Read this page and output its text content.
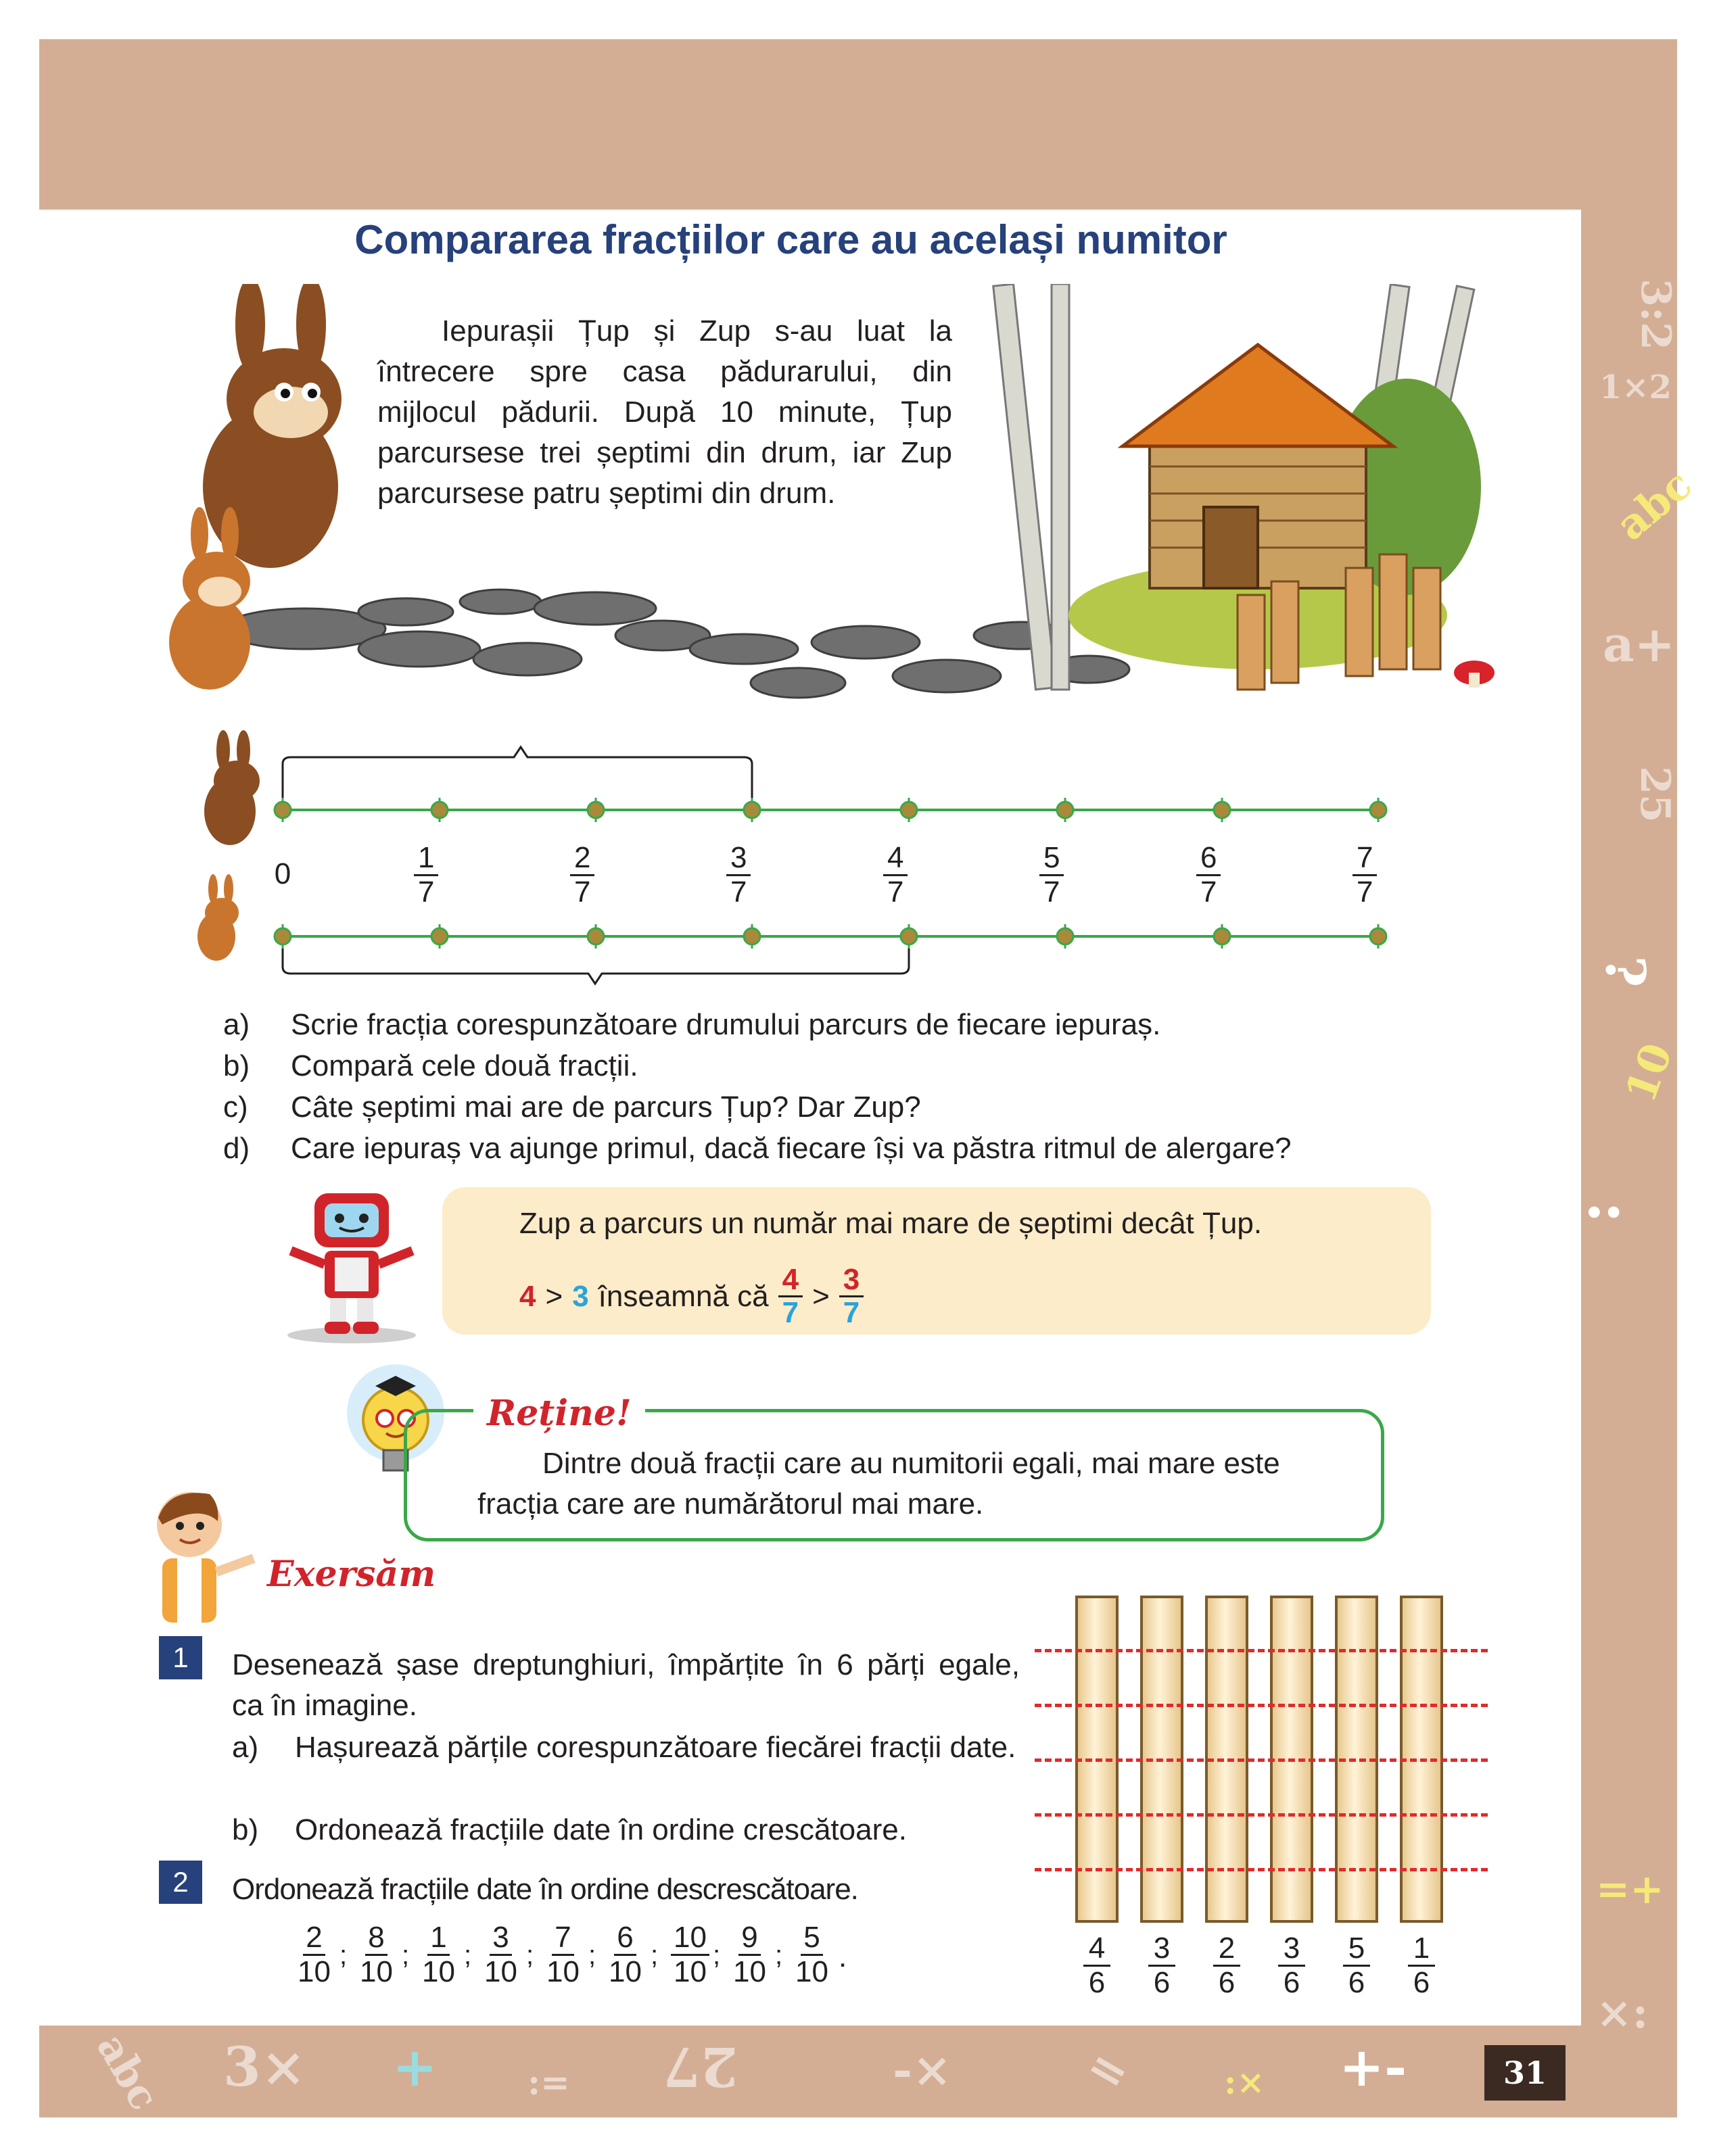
3:2
1×2
abc
a+
25
?
10
:
=+
×:
abc 3× +	:= 27	-×	= :× +-	31
Compararea fracțiilor care au același numitor
Iepurașii Țup și Zup s-au luat la întrecere spre casa pădurarului, din mijlocul pădurii. După 10 minute, Țup parcursese trei șeptimi din drum, iar Zup parcursese patru șeptimi din drum.
0	$\frac{1}{7}$	$\frac{2}{7}$	$\frac{3}{7}$	$\frac{4}{7}$	$\frac{5}{7}$	$\frac{6}{7}$	$\frac{7}{7}$
a)	Scrie fracția corespunzătoare drumului parcurs de fiecare iepuraș.
b)	Compară cele două fracții.
c)	Câte șeptimi mai are de parcurs Țup? Dar Zup?
d)	Care iepuraș va ajunge primul, dacă fiecare își va păstra ritmul de alergare?
Zup a parcurs un număr mai mare de șeptimi decât Țup.
4 > 3 înseamnă că 4
7 > 3
7
Reține!
Dintre două fracții care au numitorii egali, mai mare este fracția care are numărătorul mai mare.
Exersăm
1	Desenează șase dreptunghiuri, împărțite în 6 părți egale, ca în imagine.
a) Hașurează părțile corespunzătoare fiecărei fracții date.
b) Ordonează fracțiile date în ordine crescătoare.
2	Ordonează fracțiile date în ordine descrescătoare.
$\frac{2}{10} \frac{8}{10} \frac{1}{10} \frac{3}{10} \frac{7}{10} \frac{6}{10} \frac{10}{10} \frac{9}{10} \frac{5}{10}$
; ; ; ; ; ; ; ; .	$\frac{4}{6} \frac{3}{6} \frac{2}{6} \frac{3}{6} \frac{5}{6} \frac{1}{6}$
